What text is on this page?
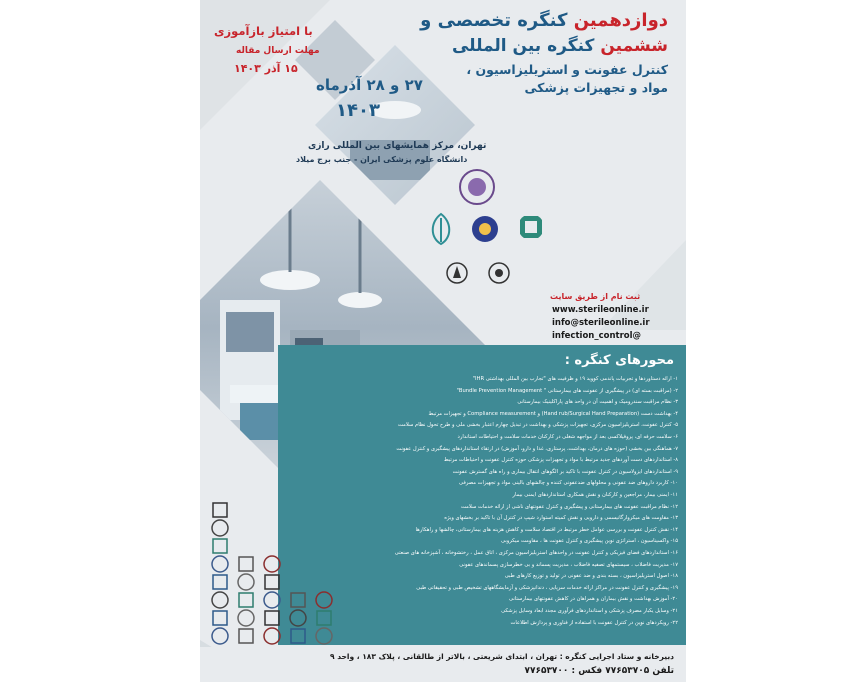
دوازدهمین کنگره تخصصی و
ششمین کنگره بین المللی
کنترل عفونت و استریلیزاسیون ،
مواد و تجهیزات پزشکی
با امتیاز بازآموزی
مهلت ارسال مقاله
۱۵ آذر ۱۴۰۳
۲۷ و ۲۸ آذرماه
۱۴۰۳
تهران، مرکز همایشهای بین المللی رازی
دانشگاه علوم پزشکی ایران - جنب برج میلاد
ثبت نام از طریق سایت
www.sterileonline.ir
info@sterileonline.ir
infection_control@
محورهای کنگره :
۱- ارائه دستاوردها و تجربیات پاندمی کووید ۱۹ و ظرفیت های "تجارب بین المللی بهداشتی IHR"
۲- (مراقبت بسته ای) در پیشگیری از عفونت های بیمارستانی " Bundle Prevention Management"
۳- نظام مراقبت سندرومیک و اهمیت آن در واحد های پاراکلینیک بیمارستانی
۴- بهداشت دست (Hand rub/Surgical Hand Preparation) و Compliance measurement و تجهیزات مرتبط
۵- کنترل عفونت، استریلیزاسیون مرکزی، تجهیزات پزشکی و بهداشت در تبدیل چهارم اعتبار بخشی ملی و طرح تحول نظام سلامت
۶- سلامت حرفه ای، پروفیلاکسی بعد از مواجهه شغلی در کارکنان خدمات سلامت و احتیاطات استاندارد
۷- هماهنگی بین بخشی (حوزه های درمان، بهداشت، پرستاری، غذا و دارو، آموزش) در ارتقاء استانداردهای پیشگیری و کنترل عفونت
۸- استانداردهای دست آوردهای جدید مرتبط با مواد و تجهیزات پزشکی حوزه کنترل عفونت و احتیاطات مرتبط
۹- استانداردهای ایزولاسیون در کنترل عفونت با تاکید بر الگوهای انتقال بیماری و راه های گسترش عفونت
۱۰- کاربرد داروهای ضد عفونی و محلولهای ضدعفونی کننده و چالشهای بالینی مواد و تجهیزات مصرفی
۱۱- ایمنی بیمار، مراجعین و کارکنان و نقش همکاری استانداردهای ایمنی بیمار
۱۲- نظام مراقبت عفونت های بیمارستانی و پیشگیری و کنترل عفونتهای ناشی از ارائه خدمات سلامت
۱۳- مقاومت های میکروارگانیسمی و دارویی و نقش کمیته استوارد شیپ در کنترل آن با تاکید بر بخشهای ویژه
۱۴- نقش کنترل عفونت و بررسی عوامل خطر مرتبط در اقتصاد سلامت و کاهش هزینه های بیمارستانی، چالشها و راهکارها
۱۵- واکسیناسیون ، استراتژی نوین پیشگیری و کنترل عفونت ها ، مقاومت میکروبی
۱۶- استانداردهای فضای فیزیکی و کنترل عفونت در واحدهای استریلیزاسیون مرکزی ، اتاق عمل ، رختشوخانه ، آشپزخانه های صنعتی
۱۷- مدیریت فاضلاب ، سیستمهای تصفیه فاضلاب ، مدیریت پسماند و بی خطرسازی پسماندهای عفونی
۱۸- اصول استریلیزاسیون ، بسته بندی و ضد عفونی در تولید و توزیع کارهای طبی
۱۹- پیشگیری و کنترل عفونت در مراکز ارائه خدمات سرپایی ، دندانپزشکی و آزمایشگاههای تشخیص طبی و تحقیقاتی طبی
۲۰- آموزش بهداشت و نقش بیماران و همراهان در کاهش عفونتهای بیمارستانی
۲۱- وسایل یکبار مصرف پزشکی و استانداردهای فرآوری مجدد ابعاد وسایل پزشکی
۲۲- رویکردهای نوین در کنترل عفونت با استفاده از فناوری و پردازش اطلاعات
دبیرخانه و ستاد اجرایی کنگره : تهران ، ابتدای شریعتی ، بالاتر از طالقانی ، پلاک ۱۸۳ ، واحد ۹
تلفن ۷۷۶۵۳۷۰۵ فکس : ۷۷۶۵۳۷۰۰
